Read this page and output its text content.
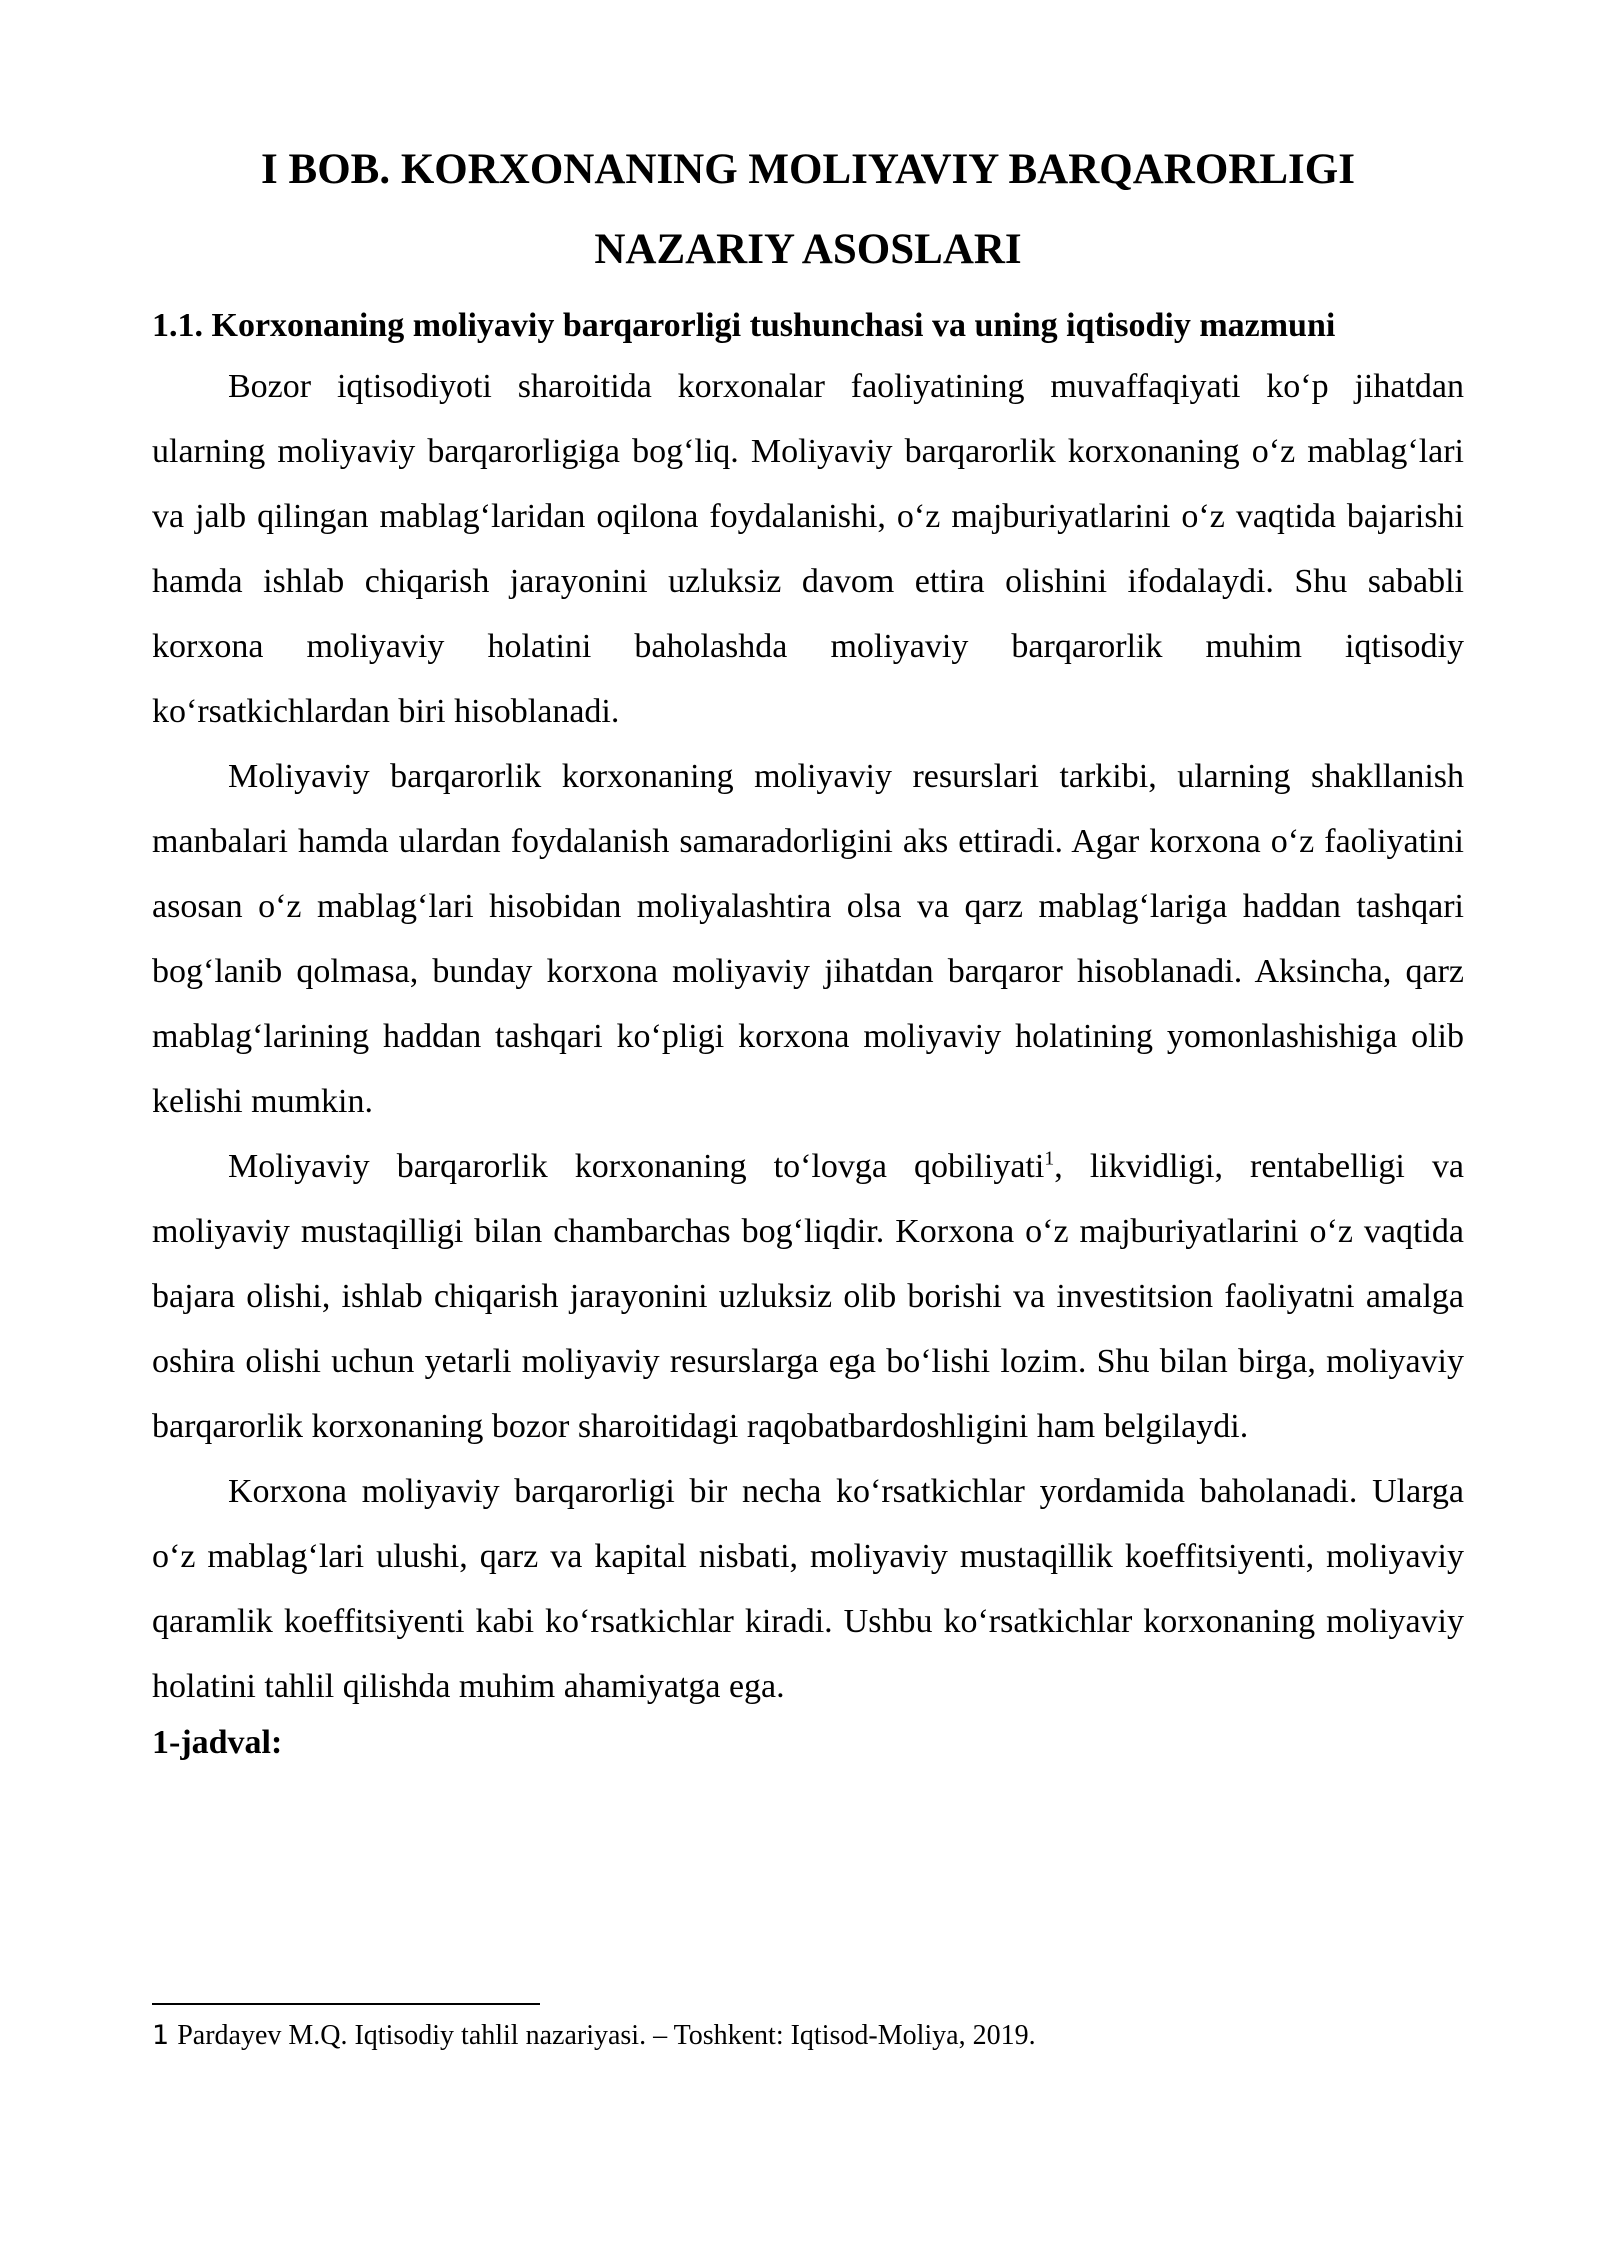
I BOB. KORXONANING MOLIYAVIY BARQARORLIGI
NAZARIY ASOSLARI
1.1. Korxonaning moliyaviy barqarorligi tushunchasi va uning iqtisodiy mazmuni

Bozor iqtisodiyoti sharoitida korxonalar faoliyatining muvaffaqiyati koʻp jihatdan ularning moliyaviy barqarorligiga bogʻliq. Moliyaviy barqarorlik korxonaning oʻz mablagʻlari va jalb qilingan mablagʻlaridan oqilona foydalanishi, oʻz majburiyatlarini oʻz vaqtida bajarishi hamda ishlab chiqarish jarayonini uzluksiz davom ettira olishini ifodalaydi. Shu sababli korxona moliyaviy holatini baholashda moliyaviy barqarorlik muhim iqtisodiy koʻrsatkichlardan biri hisoblanadi.

Moliyaviy barqarorlik korxonaning moliyaviy resurslari tarkibi, ularning shakllanish manbalari hamda ulardan foydalanish samaradorligini aks ettiradi. Agar korxona oʻz faoliyatini asosan oʻz mablagʻlari hisobidan moliyalashtira olsa va qarz mablagʻlariga haddan tashqari bogʻlanib qolmasa, bunday korxona moliyaviy jihatdan barqaror hisoblanadi. Aksincha, qarz mablagʻlarining haddan tashqari koʻpligi korxona moliyaviy holatining yomonlashishiga olib kelishi mumkin.

Moliyaviy barqarorlik korxonaning toʻlovga qobiliyati$^1$, likvidligi, rentabelligi va moliyaviy mustaqilligi bilan chambarchas bogʻliqdir. Korxona oʻz majburiyatlarini oʻz vaqtida bajara olishi, ishlab chiqarish jarayonini uzluksiz olib borishi va investitsion faoliyatni amalga oshira olishi uchun yetarli moliyaviy resurslarga ega boʻlishi lozim. Shu bilan birga, moliyaviy barqarorlik korxonaning bozor sharoitidagi raqobatbardoshligini ham belgilaydi.

Korxona moliyaviy barqarorligi bir necha koʻrsatkichlar yordamida baholanadi. Ularga oʻz mablagʻlari ulushi, qarz va kapital nisbati, moliyaviy mustaqillik koeffitsiyenti, moliyaviy qaramlik koeffitsiyenti kabi koʻrsatkichlar kiradi. Ushbu koʻrsatkichlar korxonaning moliyaviy holatini tahlil qilishda muhim ahamiyatga ega.

1-jadval:

1 Pardayev M.Q. Iqtisodiy tahlil nazariyasi. – Toshkent: Iqtisod-Moliya, 2019.
